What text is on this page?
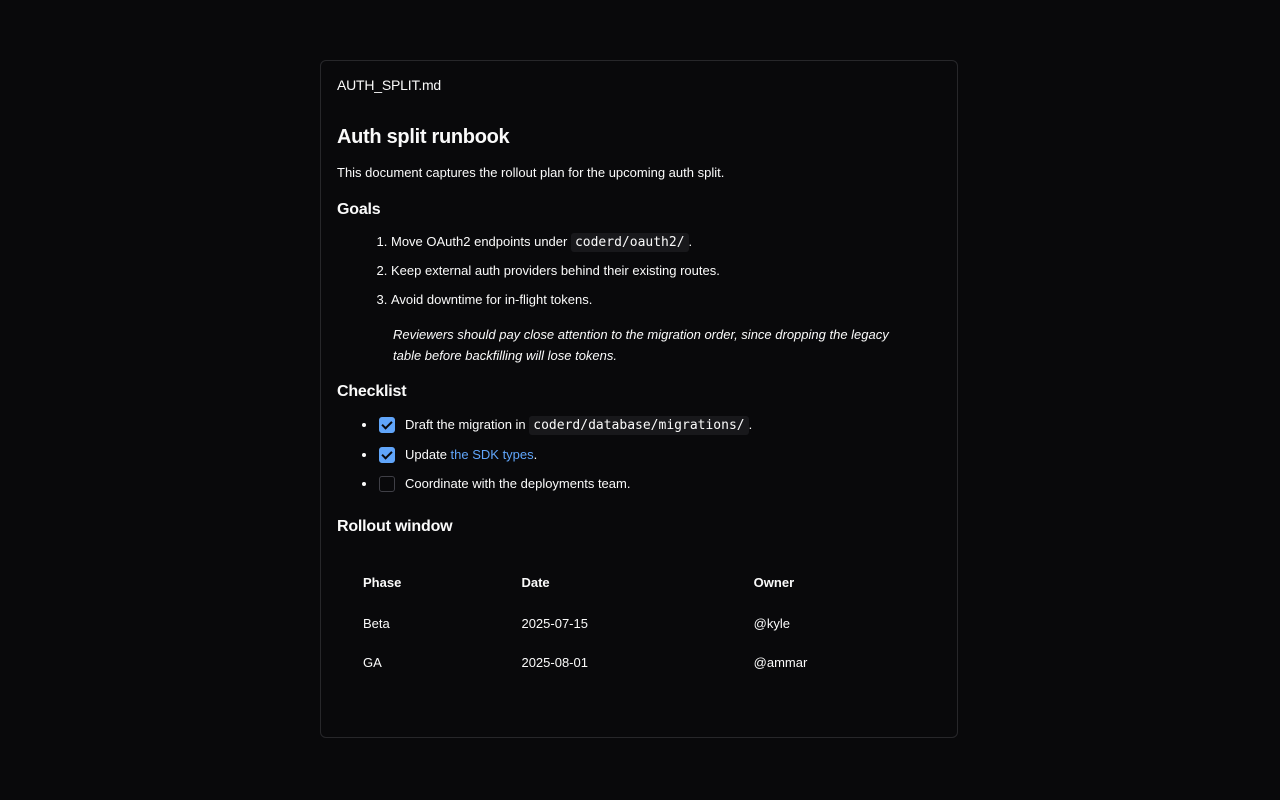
AUTH_SPLIT.md
Auth split runbook

This document captures the rollout plan for the upcoming auth split.

Goals
1. Move OAuth2 endpoints under coderd/oauth2/ .
2. Keep external auth providers behind their existing routes.
3. Avoid downtime for in-flight tokens.
Reviewers should pay close attention to the migration order, since dropping the legacy table before backfilling will lose tokens.
Checklist
• Draft the migration in coderd/database/migrations/ .
• Update the SDK types.
• Coordinate with the deployments team.
Rollout window
Phase	Date	Owner
Beta	2025-07-15	@kyle
GA	2025-08-01	@ammar
